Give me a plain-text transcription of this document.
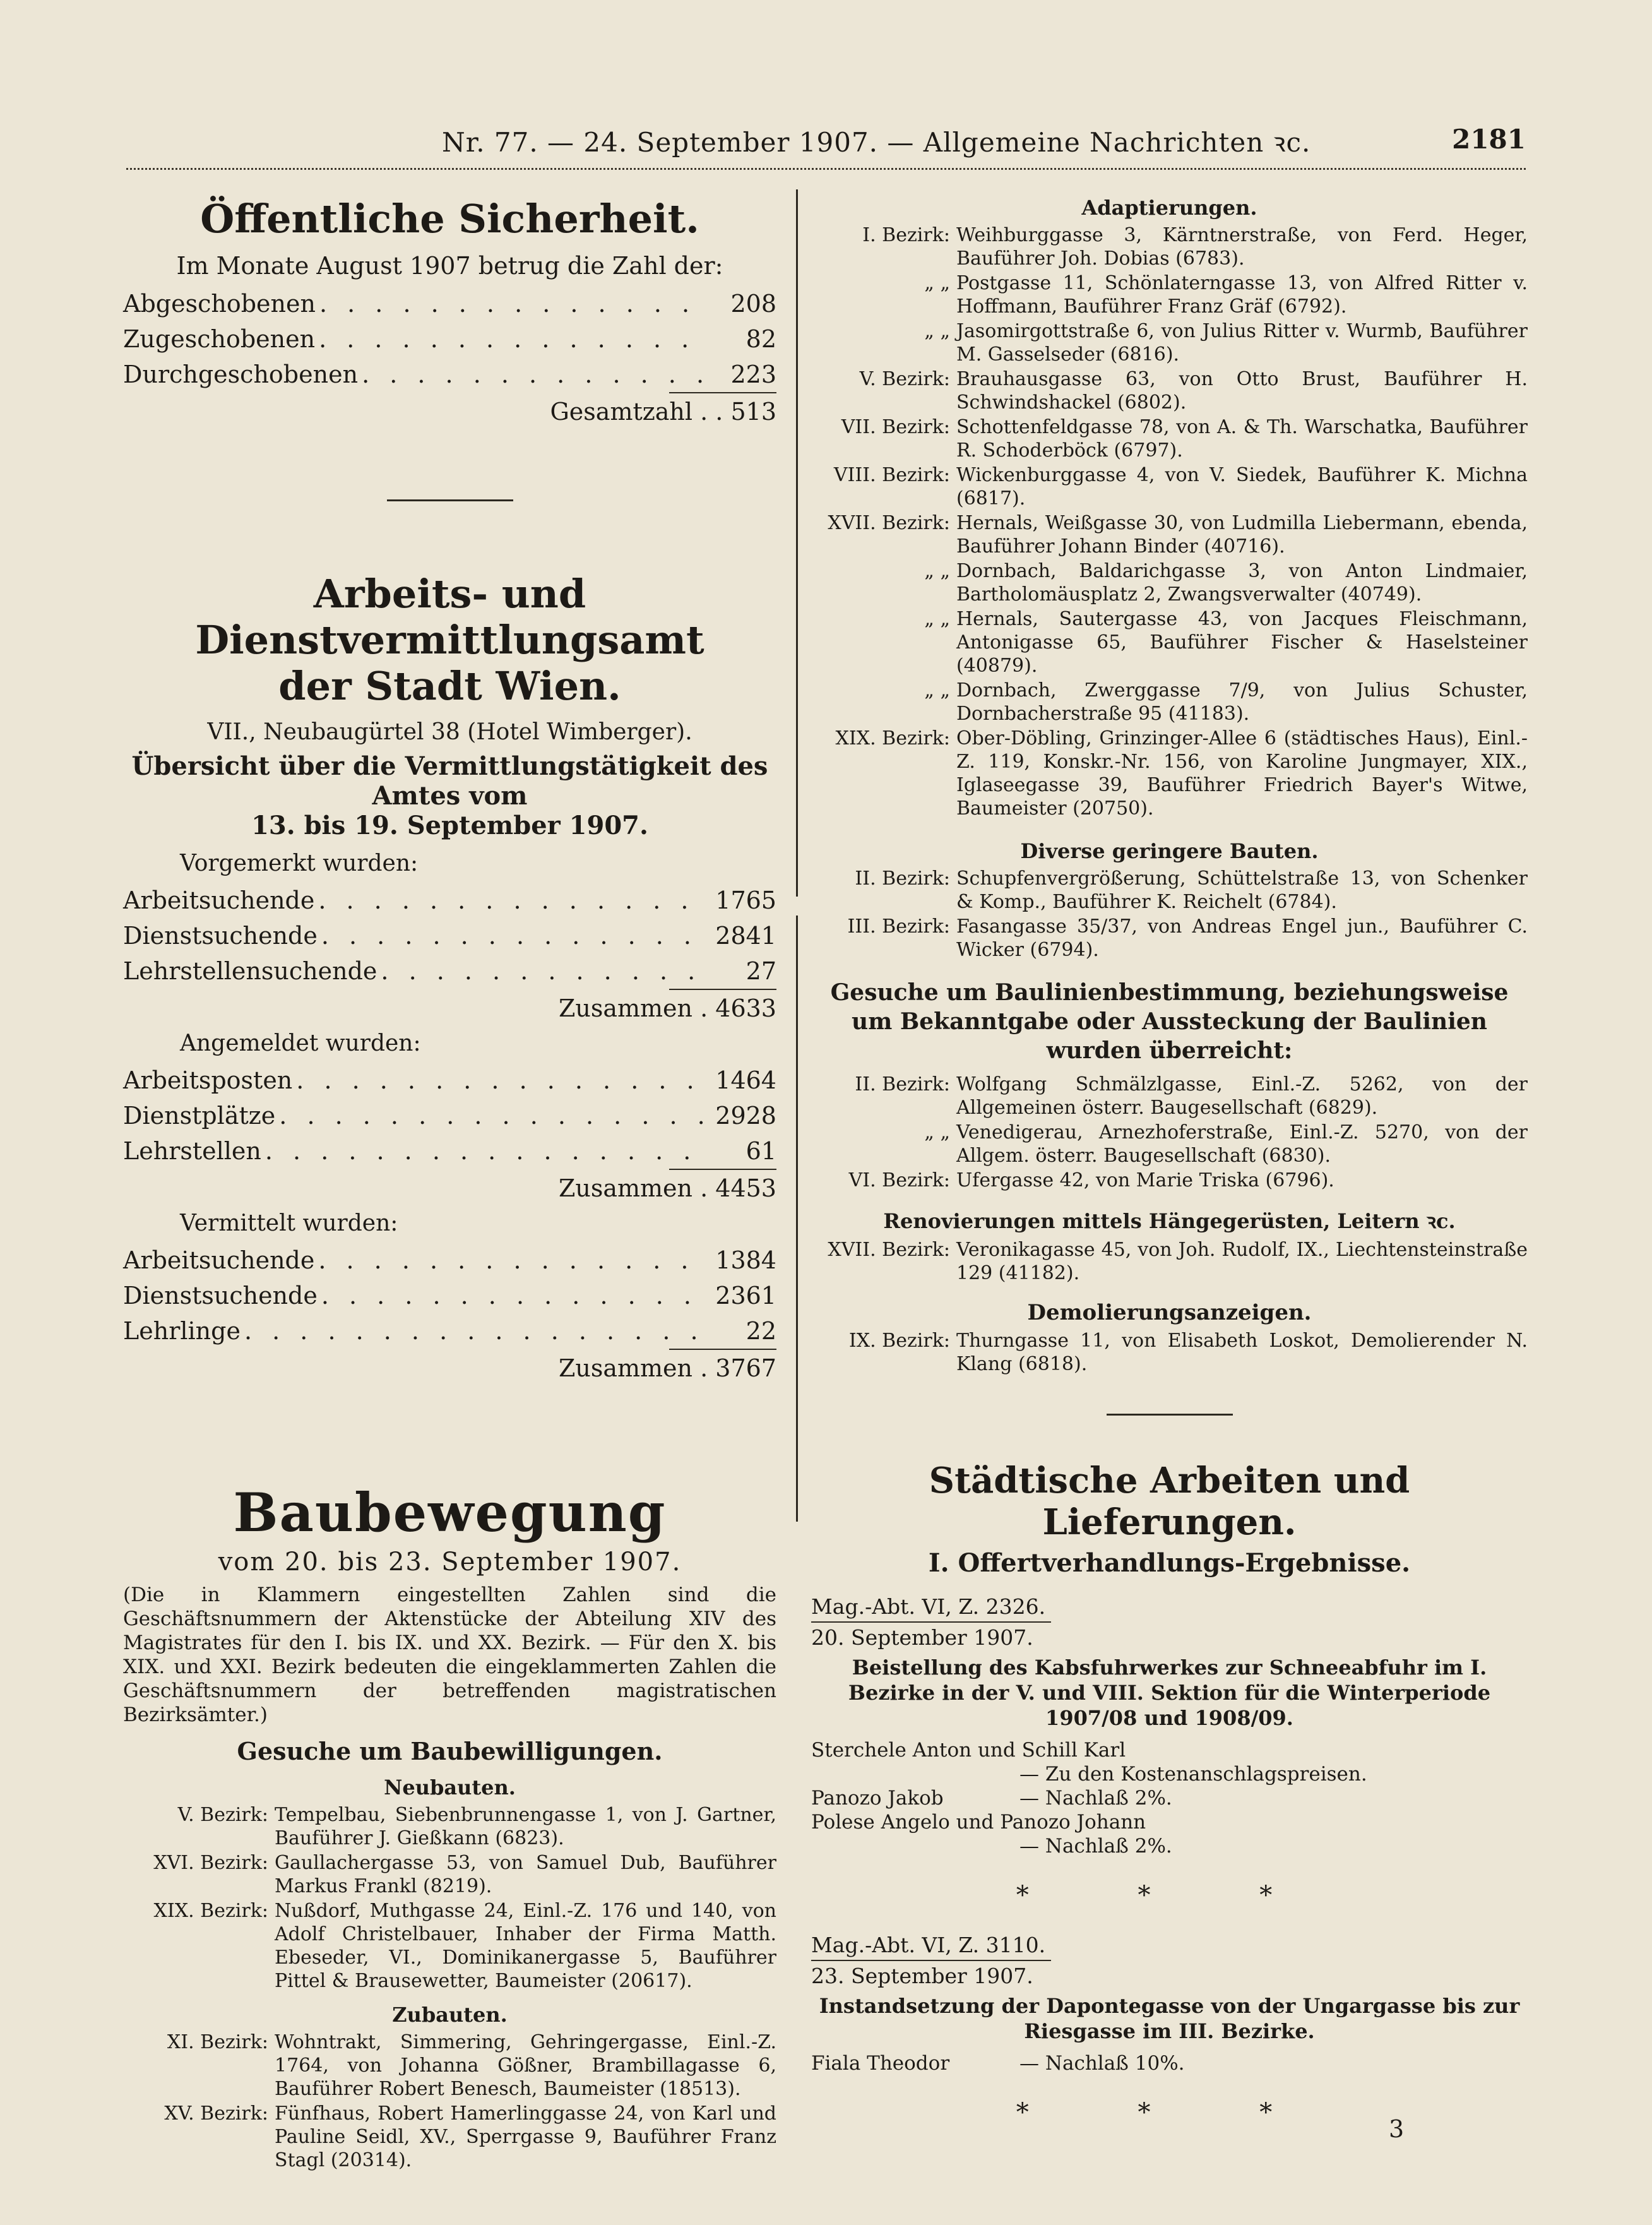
Nr. 77. — 24. September 1907. — Allgemeine Nachrichten ꝛc.	2181
Öffentliche Sicherheit.
Im Monate August 1907 betrug die Zahl der:
Abgeschobenen . . .	208
Zugeschobenen . . .	82
Durchgeschobenen . . .	223
Gesamtzahl . . 513
Arbeits- und Dienstvermittlungsamt
der Stadt Wien.
VII., Neubaugürtel 38 (Hotel Wimberger).
Übersicht über die Vermittlungstätigkeit des Amtes vom
13. bis 19. September 1907.
Vorgemerkt wurden:
Arbeitsuchende . . .	1765
Dienstsuchende . . .	2841
Lehrstellensuchende . . .	27
Zusammen . 4633
Angemeldet wurden:
Arbeitsposten . . .	1464
Dienstplätze . . .	2928
Lehrstellen . . .	61
Zusammen . 4453
Vermittelt wurden:
Arbeitsuchende . . .	1384
Dienstsuchende . . .	2361
Lehrlinge . . .	22
Zusammen . 3767
Baubewegung
vom 20. bis 23. September 1907.
(Die in Klammern eingestellten Zahlen sind die Geschäftsnummern der Aktenstücke der Abteilung XIV des Magistrates für den I. bis IX. und XX. Bezirk. — Für den X. bis XIX. und XXI. Bezirk bedeuten die eingeklammerten Zahlen die Geschäftsnummern der betreffenden magistratischen Bezirksämter.)
Gesuche um Baubewilligungen.
Neubauten.
V. Bezirk: Tempelbau, Siebenbrunnengasse 1, von J. Gartner, Bauführer J. Gießkann (6823).
XVI. Bezirk: Gaullachergasse 53, von Samuel Dub, Bauführer Markus Frankl (8219).
XIX. Bezirk: Nußdorf, Muthgasse 24, Einl.-Z. 176 und 140, von Adolf Christelbauer, Inhaber der Firma Matth. Ebeseder, VI., Dominikanergasse 5, Bauführer Pittel & Brausewetter, Baumeister (20617).
Zubauten.
XI. Bezirk: Wohntrakt, Simmering, Gehringergasse, Einl.-Z. 1764, von Johanna Gößner, Brambillagasse 6, Bauführer Robert Benesch, Baumeister (18513).
XV. Bezirk: Fünfhaus, Robert Hamerlinggasse 24, von Karl und Pauline Seidl, XV., Sperrgasse 9, Bauführer Franz Stagl (20314).
Adaptierungen.
I. Bezirk: Weihburggasse 3, Kärntnerstraße, von Ferd. Heger, Bauführer Joh. Dobias (6783).
„ „ Postgasse 11, Schönlaterngasse 13, von Alfred Ritter v. Hoffmann, Bauführer Franz Gräf (6792).
„ „ Jasomirgottstraße 6, von Julius Ritter v. Wurmb, Bauführer M. Gasselseder (6816).
V. Bezirk: Brauhausgasse 63, von Otto Brust, Bauführer H. Schwindshackel (6802).
VII. Bezirk: Schottenfeldgasse 78, von A. & Th. Warschatka, Bauführer R. Schoderböck (6797).
VIII. Bezirk: Wickenburggasse 4, von V. Siedek, Bauführer K. Michna (6817).
XVII. Bezirk: Hernals, Weißgasse 30, von Ludmilla Liebermann, ebenda, Bauführer Johann Binder (40716).
„ „ Dornbach, Baldarichgasse 3, von Anton Lindmaier, Bartholomäusplatz 2, Zwangsverwalter (40749).
„ „ Hernals, Sautergasse 43, von Jacques Fleischmann, Antonigasse 65, Bauführer Fischer & Haselsteiner (40879).
„ „ Dornbach, Zwerggasse 7/9, von Julius Schuster, Dornbacherstraße 95 (41183).
XIX. Bezirk: Ober-Döbling, Grinzinger-Allee 6 (städtisches Haus), Einl.-Z. 119, Konskr.-Nr. 156, von Karoline Jungmayer, XIX., Iglaseegasse 39, Bauführer Friedrich Bayer's Witwe, Baumeister (20750).
Diverse geringere Bauten.
II. Bezirk: Schupfenvergrößerung, Schüttelstraße 13, von Schenker & Komp., Bauführer K. Reichelt (6784).
III. Bezirk: Fasangasse 35/37, von Andreas Engel jun., Bauführer C. Wicker (6794).
Gesuche um Baulinienbestimmung, beziehungsweise um Bekanntgabe oder Aussteckung der Baulinien wurden überreicht:
II. Bezirk: Wolfgang Schmälzlgasse, Einl.-Z. 5262, von der Allgemeinen österr. Baugesellschaft (6829).
„ „ Venedigerau, Arnezhoferstraße, Einl.-Z. 5270, von der Allgem. österr. Baugesellschaft (6830).
VI. Bezirk: Ufergasse 42, von Marie Triska (6796).
Renovierungen mittels Hängegerüsten, Leitern ꝛc.
XVII. Bezirk: Veronikagasse 45, von Joh. Rudolf, IX., Liechtensteinstraße 129 (41182).
Demolierungsanzeigen.
IX. Bezirk: Thurngasse 11, von Elisabeth Loskot, Demolierender N. Klang (6818).
Städtische Arbeiten und Lieferungen.
I. Offertverhandlungs-Ergebnisse.
Mag.-Abt. VI, Z. 2326.
20. September 1907.
Beistellung des Kabsfuhrwerkes zur Schneeabfuhr im I. Bezirke in der V. und VIII. Sektion für die Winterperiode 1907/08 und 1908/09.
Sterchele Anton und Schill Karl
— Zu den Kostenanschlagspreisen.
Panozo Jakob	— Nachlaß 2%.
Polese Angelo und Panozo Johann
— Nachlaß 2%.
* * *
Mag.-Abt. VI, Z. 3110.
23. September 1907.
Instandsetzung der Dapontegasse von der Ungargasse bis zur Riesgasse im III. Bezirke.
Fiala Theodor	— Nachlaß 10%.
* * *
3
